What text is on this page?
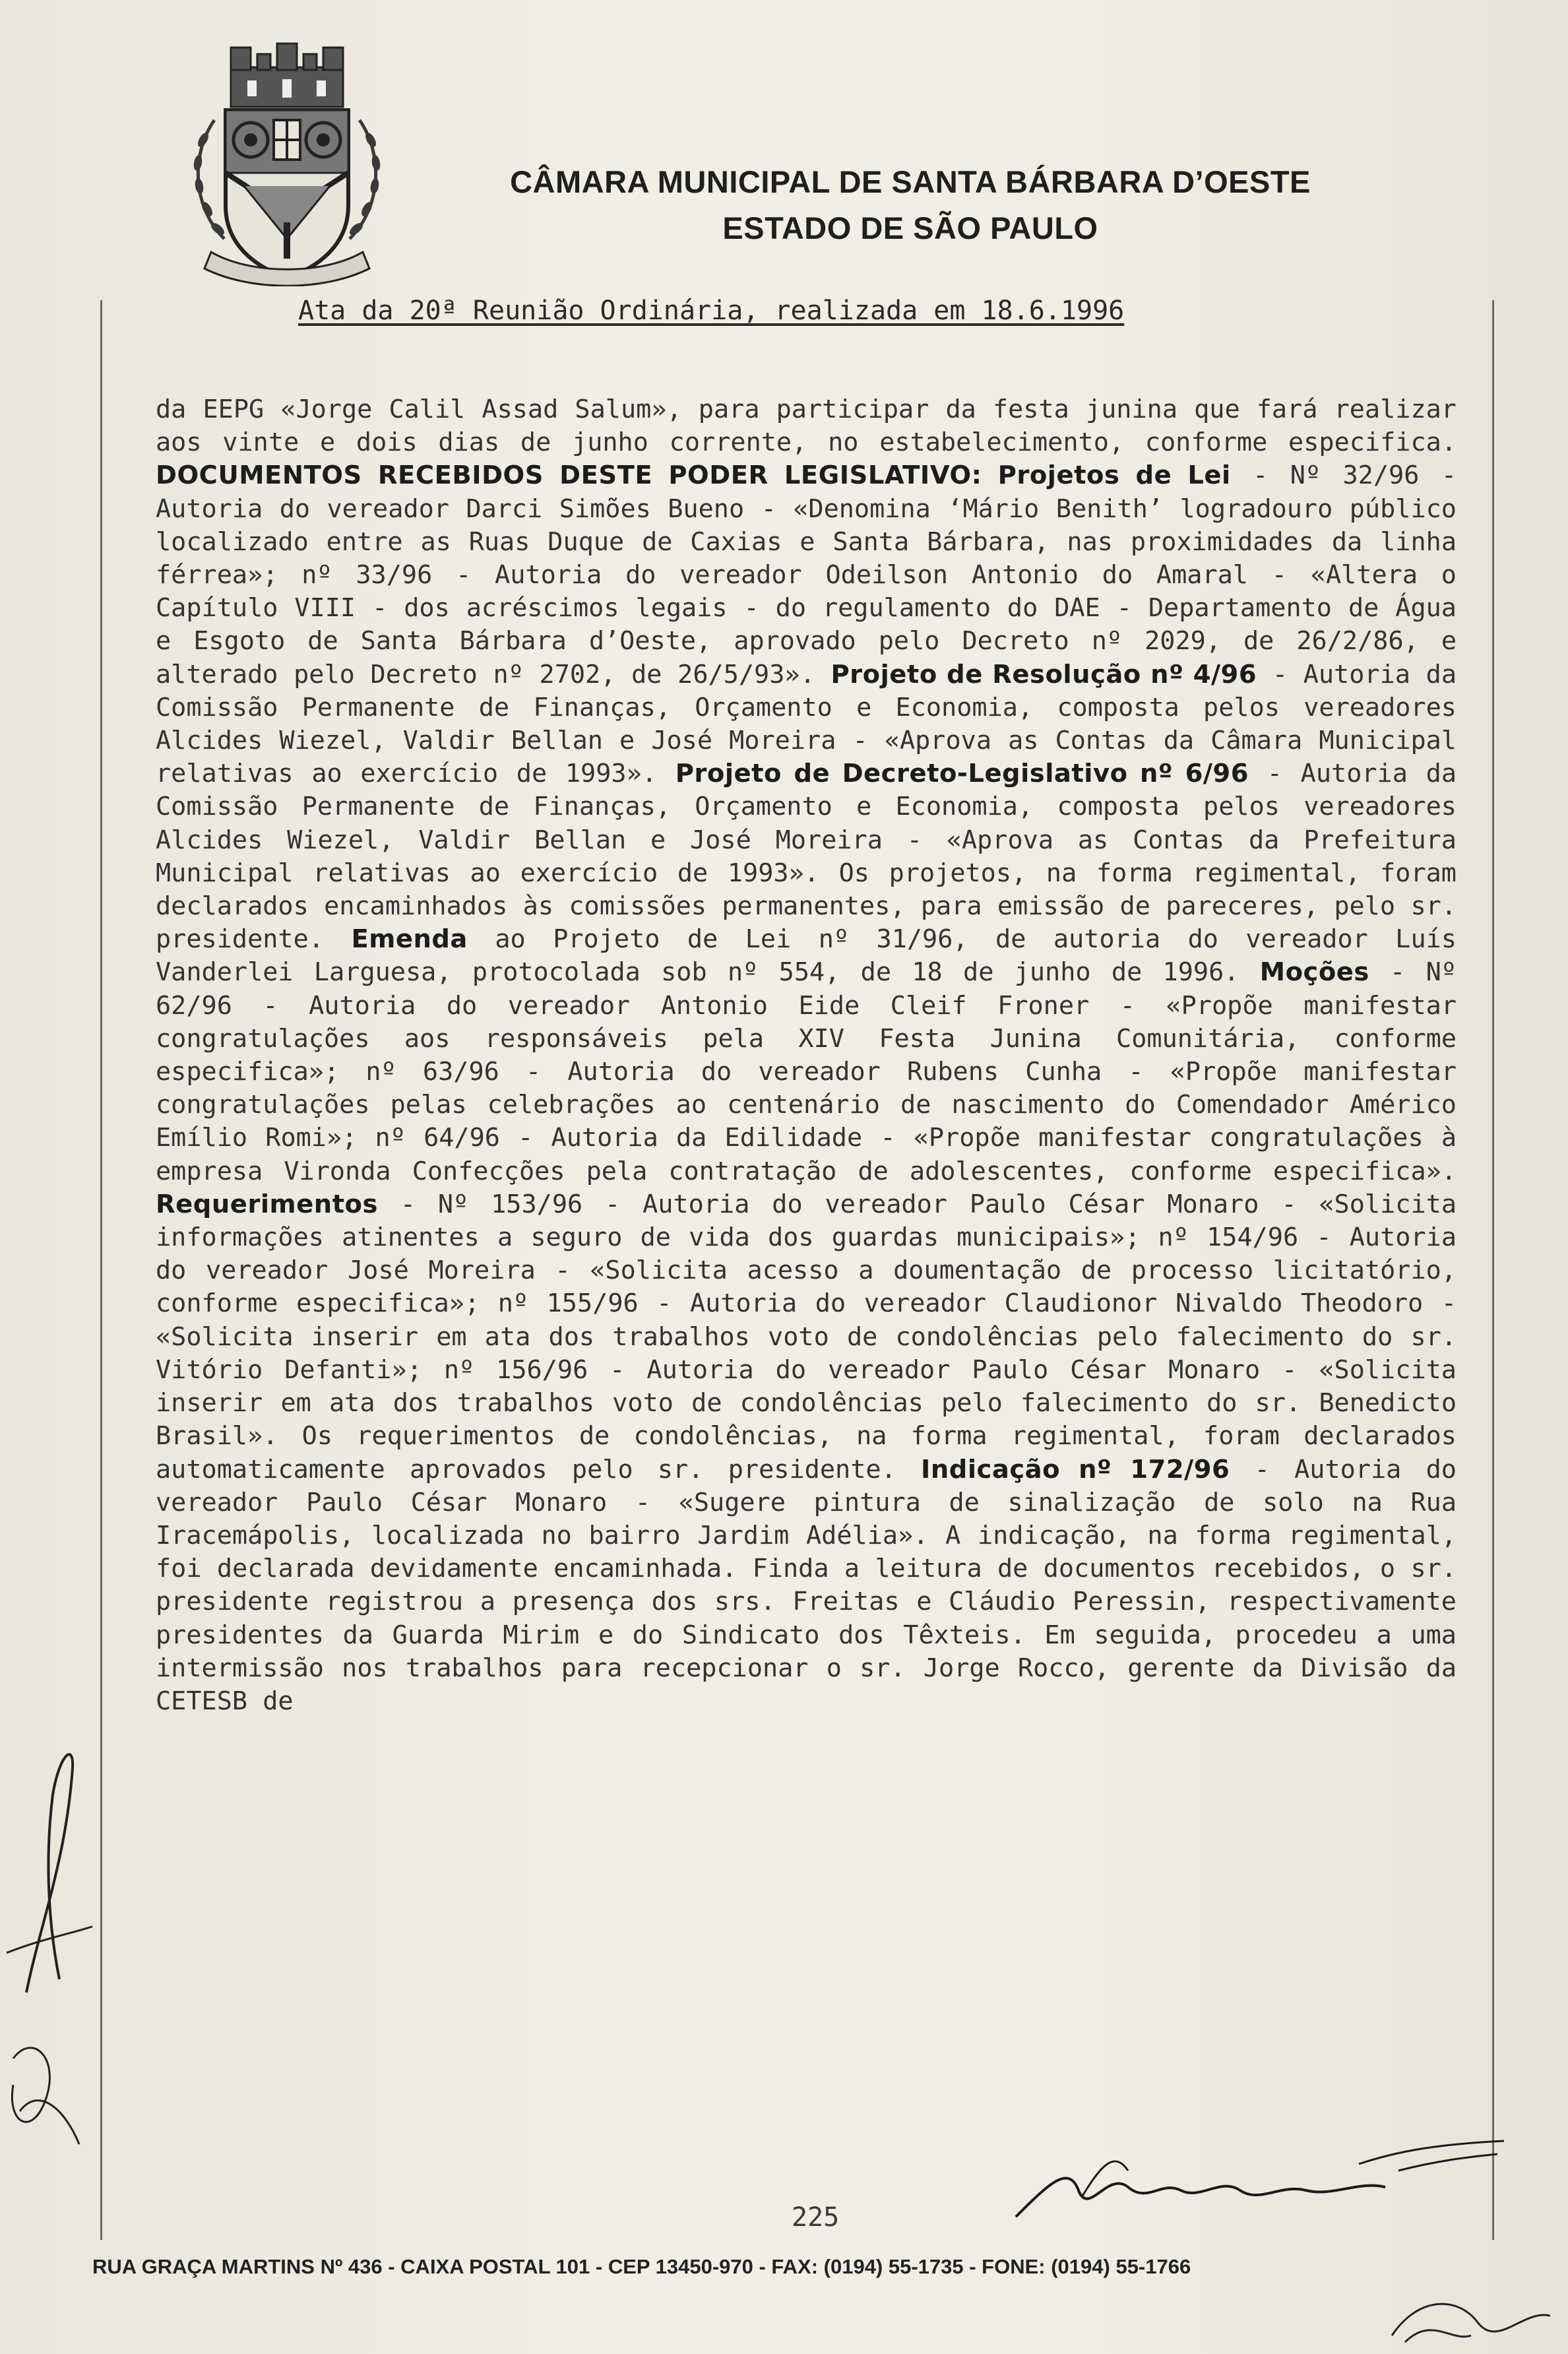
CÂMARA MUNICIPAL DE SANTA BÁRBARA D’OESTE
ESTADO DE SÃO PAULO
Ata da 20ª Reunião Ordinária, realizada em 18.6.1996
da EEPG «Jorge Calil Assad Salum», para participar da festa junina que fará realizar aos vinte e dois dias de junho corrente, no estabelecimento, conforme especifica. DOCUMENTOS RECEBIDOS DESTE PODER LEGISLATIVO: Projetos de Lei - Nº 32/96 - Autoria do vereador Darci Simões Bueno - «Denomina ‘Mário Benith’ logradouro público localizado entre as Ruas Duque de Caxias e Santa Bárbara, nas proximidades da linha férrea»; nº 33/96 - Autoria do vereador Odeilson Antonio do Amaral - «Altera o Capítulo VIII - dos acréscimos legais - do regulamento do DAE - Departamento de Água e Esgoto de Santa Bárbara d’Oeste, aprovado pelo Decreto nº 2029, de 26/2/86, e alterado pelo Decreto nº 2702, de 26/5/93». Projeto de Resolução nº 4/96 - Autoria da Comissão Permanente de Finanças, Orçamento e Economia, composta pelos vereadores Alcides Wiezel, Valdir Bellan e José Moreira - «Aprova as Contas da Câmara Municipal relativas ao exercício de 1993». Projeto de Decreto-Legislativo nº 6/96 - Autoria da Comissão Permanente de Finanças, Orçamento e Economia, composta pelos vereadores Alcides Wiezel, Valdir Bellan e José Moreira - «Aprova as Contas da Prefeitura Municipal relativas ao exercício de 1993». Os projetos, na forma regimental, foram declarados encaminhados às comissões permanentes, para emissão de pareceres, pelo sr. presidente. Emenda ao Projeto de Lei nº 31/96, de autoria do vereador Luís Vanderlei Larguesa, protocolada sob nº 554, de 18 de junho de 1996. Moções - Nº 62/96 - Autoria do vereador Antonio Eide Cleif Froner - «Propõe manifestar congratulações aos responsáveis pela XIV Festa Junina Comunitária, conforme especifica»; nº 63/96 - Autoria do vereador Rubens Cunha - «Propõe manifestar congratulações pelas celebrações ao centenário de nascimento do Comendador Américo Emílio Romi»; nº 64/96 - Autoria da Edilidade - «Propõe manifestar congratulações à empresa Vironda Confecções pela contratação de adolescentes, conforme especifica». Requerimentos - Nº 153/96 - Autoria do vereador Paulo César Monaro - «Solicita informações atinentes a seguro de vida dos guardas municipais»; nº 154/96 - Autoria do vereador José Moreira - «Solicita acesso a doumentação de processo licitatório, conforme especifica»; nº 155/96 - Autoria do vereador Claudionor Nivaldo Theodoro - «Solicita inserir em ata dos trabalhos voto de condolências pelo falecimento do sr. Vitório Defanti»; nº 156/96 - Autoria do vereador Paulo César Monaro - «Solicita inserir em ata dos trabalhos voto de condolências pelo falecimento do sr. Benedicto Brasil». Os requerimentos de condolências, na forma regimental, foram declarados automaticamente aprovados pelo sr. presidente. Indicação nº 172/96 - Autoria do vereador Paulo César Monaro - «Sugere pintura de sinalização de solo na Rua Iracemápolis, localizada no bairro Jardim Adélia». A indicação, na forma regimental, foi declarada devidamente encaminhada. Finda a leitura de documentos recebidos, o sr. presidente registrou a presença dos srs. Freitas e Cláudio Peressin, respectivamente presidentes da Guarda Mirim e do Sindicato dos Têxteis. Em seguida, procedeu a uma intermissão nos trabalhos para recepcionar o sr. Jorge Rocco, gerente da Divisão da CETESB de
225
RUA GRAÇA MARTINS Nº 436 - CAIXA POSTAL 101 - CEP 13450-970 - FAX: (0194) 55-1735 - FONE: (0194) 55-1766
